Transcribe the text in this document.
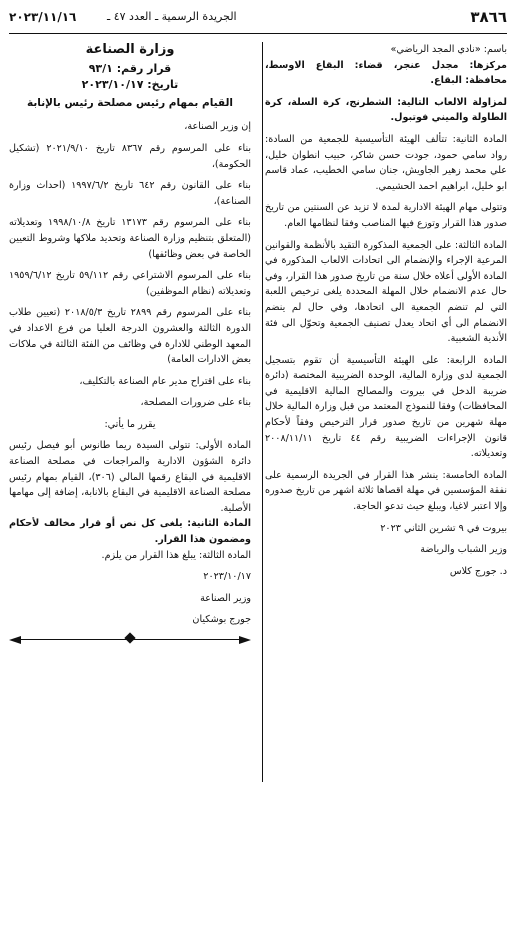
٣٨٦٦
الجريدة الرسمية ـ العدد ٤٧ ـ
٢٠٢٣/١١/١٦

باسم: «نادي المجد الرياضي»

مركزها: مجدل عنجر، قضاء: البقاع الاوسط، محافظة: البقاع.

لمزاولة الالعاب التالية: الشطرنج، كرة السلة، كرة الطاولة والميني فوتبول.

المادة الثانية: تتألف الهيئة التأسيسية للجمعية من السادة: رواد سامي حمود، جودت حسن شاكر، حبيب انطوان خليل، علي محمد زهير الجاويش، جنان سامي الخطيب، عماد قاسم ابو خليل، ابراهيم احمد الحشيمي.

وتتولى مهام الهيئة الادارية لمدة لا تزيد عن السنتين من تاريخ صدور هذا القرار وتوزع فيها المناصب وفقا لنظامها العام.

المادة الثالثة: على الجمعية المذكورة التقيد بالأنظمة والقوانين المرعية الإجراء والإنضمام الى اتحادات الالعاب المذكورة في المادة الأولى أعلاه خلال سنة من تاريخ صدور هذا القرار، وفي حال عدم الانضمام خلال المهلة المحددة يلغى ترخيص اللعبة التي لم تنضم الجمعية الى اتحادها، وفي حال لم ينضم الانضمام الى أي اتحاد يعدل تصنيف الجمعية وتحوّل الى فئة الأندية الشعبية.

المادة الرابعة: على الهيئة التأسيسية أن تقوم بتسجيل الجمعية لدى وزارة المالية، الوحدة الضريبية المختصة (دائرة ضريبة الدخل في بيروت والمصالح المالية الاقليمية في المحافظات) وفقا للنموذج المعتمد من قبل وزارة المالية خلال مهلة شهرين من تاريخ صدور قرار الترخيص وفقاً لأحكام قانون الإجراءات الضريبية رقم ٤٤ تاريخ ٢٠٠٨/١١/١١ وتعديلاته.

المادة الخامسة: ينشر هذا القرار في الجريدة الرسمية على نفقة المؤسسين في مهلة اقصاها ثلاثة اشهر من تاريخ صدوره وإلا اعتبر لاغيا، ويبلغ حيث تدعو الحاجة.

بيروت في ٩ تشرين الثاني ٢٠٢٣

وزير الشباب والرياضة

د. جورج كلاس

وزارة الصناعة
قرار رقم: ٩٣/١
تاريخ: ٢٠٢٣/١٠/١٧
القيام بمهام رئيس مصلحة رئيس بالإنابة

إن وزير الصناعة،

بناء على المرسوم رقم ٨٣٦٧ تاريخ ٢٠٢١/٩/١٠ (تشكيل الحكومة)،

بناء على القانون رقم ٦٤٢ تاريخ ١٩٩٧/٦/٢ (احداث وزارة الصناعة)،

بناء على المرسوم رقم ١٣١٧٣ تاريخ ١٩٩٨/١٠/٨ وتعديلاته (المتعلق بتنظيم وزارة الصناعة وتحديد ملاكها وشروط التعيين الخاصة في بعض وظائفها)

بناء على المرسوم الاشتراعي رقم ٥٩/١١٢ تاريخ ١٩٥٩/٦/١٢ وتعديلاته (نظام الموظفين)

بناء على المرسوم رقم ٢٨٩٩ تاريخ ٢٠١٨/٥/٣ (تعيين طلاب الدورة الثالثة والعشرون الدرجة العليا من فرع الاعداد في المعهد الوطني للادارة في وظائف من الفئة الثالثة في ملاكات بعض الادارات العامة)

بناء على اقتراح مدير عام الصناعة بالتكليف،

بناء على ضرورات المصلحة،

يقرر ما يأتي:

المادة الأولى: تتولى السيدة ريما طانوس أبو فيصل رئيس دائرة الشؤون الادارية والمراجعات في مصلحة الصناعة الاقليمية في البقاع رقمها المالي (٣٠٦)، القيام بمهام رئيس مصلحة الصناعة الاقليمية في البقاع بالانابة، إضافة إلى مهامها الأصلية.

المادة الثانية: يلغى كل نص أو قرار مخالف لأحكام ومضمون هذا القرار.

المادة الثالثة: يبلغ هذا القرار من يلزم.

٢٠٢٣/١٠/١٧

وزير الصناعة

جورج بوشكيان
